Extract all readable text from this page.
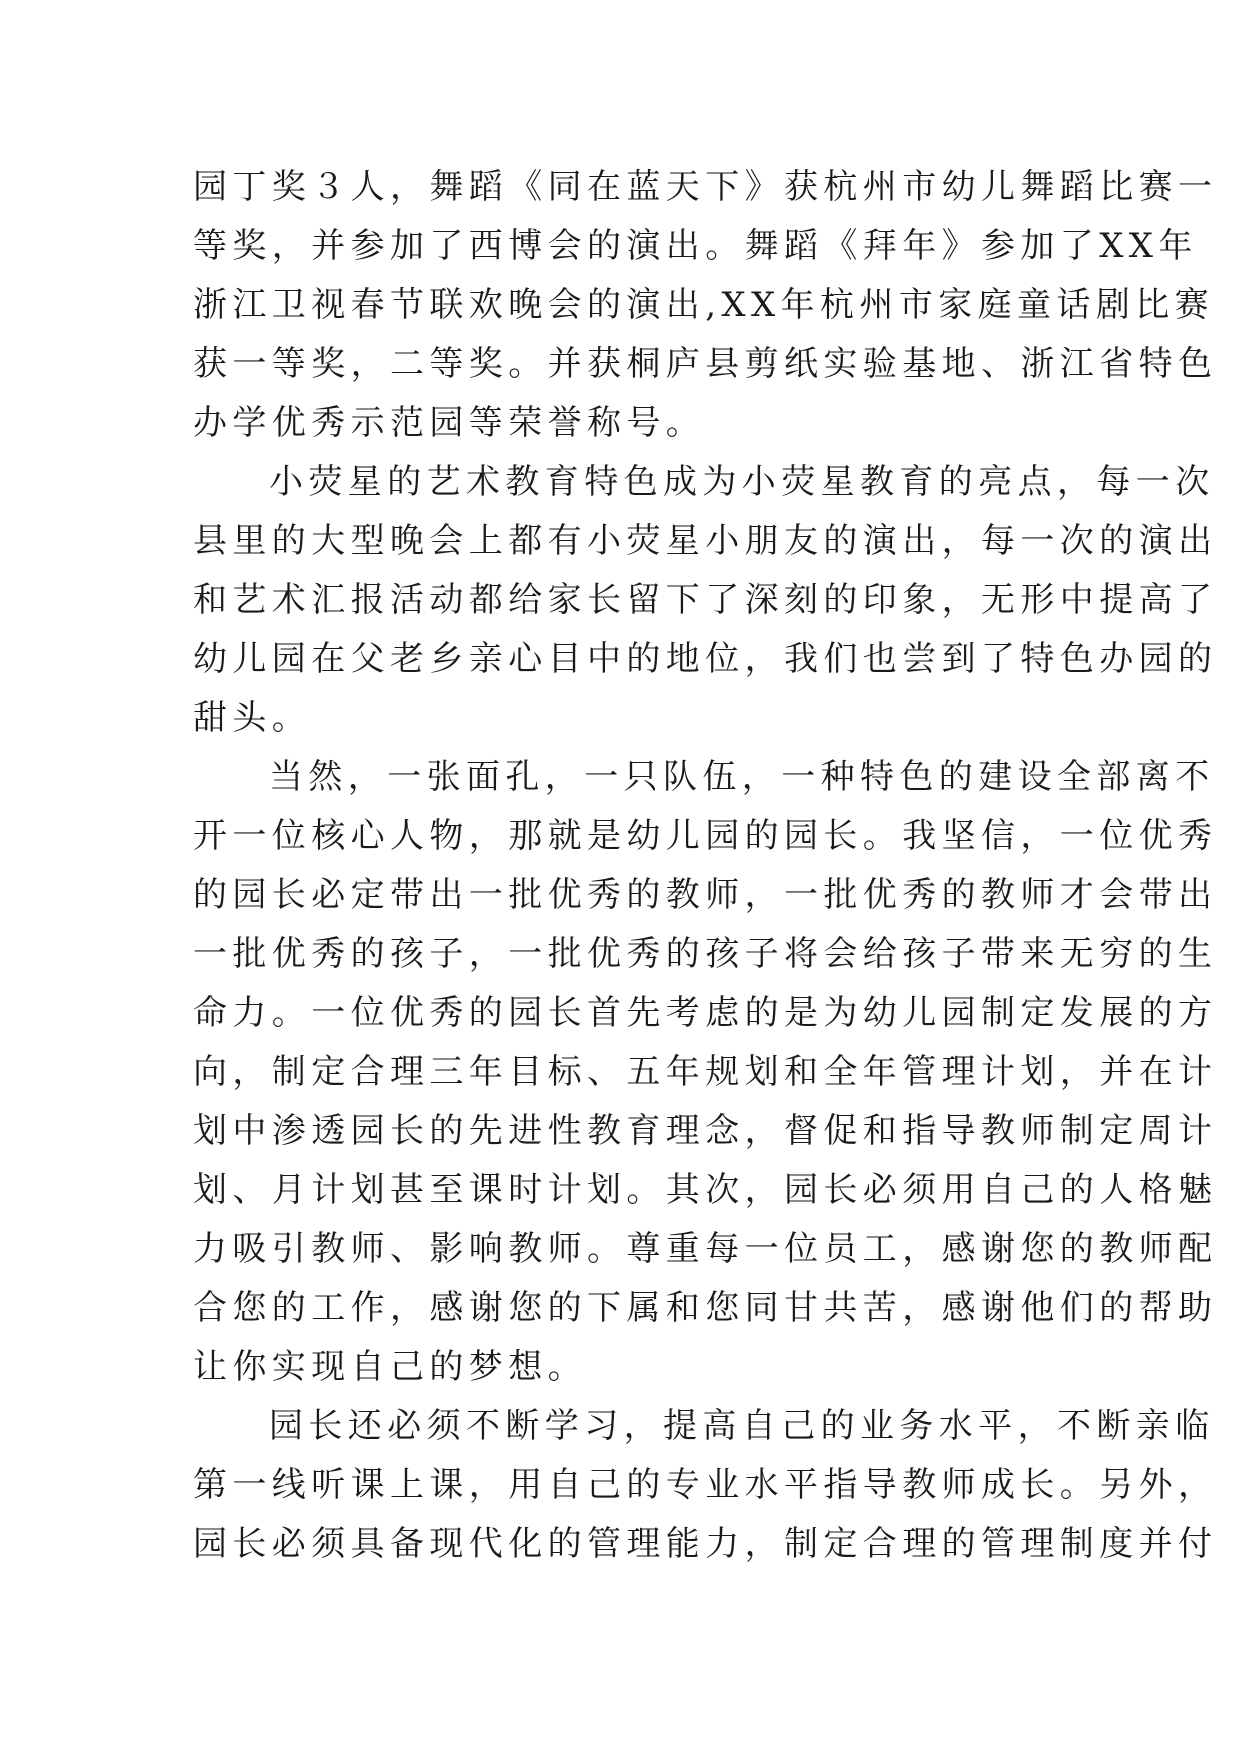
园丁奖３人，舞蹈《同在蓝天下》获杭州市幼儿舞蹈比赛一
等奖，并参加了西博会的演出。舞蹈《拜年》参加了XX年
浙江卫视春节联欢晚会的演出,XX年杭州市家庭童话剧比赛
获一等奖，二等奖。并获桐庐县剪纸实验基地、浙江省特色
办学优秀示范园等荣誉称号。
小荧星的艺术教育特色成为小荧星教育的亮点，每一次
县里的大型晚会上都有小荧星小朋友的演出，每一次的演出
和艺术汇报活动都给家长留下了深刻的印象，无形中提高了
幼儿园在父老乡亲心目中的地位，我们也尝到了特色办园的
甜头。
当然，一张面孔，一只队伍，一种特色的建设全部离不
开一位核心人物，那就是幼儿园的园长。我坚信，一位优秀
的园长必定带出一批优秀的教师，一批优秀的教师才会带出
一批优秀的孩子，一批优秀的孩子将会给孩子带来无穷的生
命力。一位优秀的园长首先考虑的是为幼儿园制定发展的方
向，制定合理三年目标、五年规划和全年管理计划，并在计
划中渗透园长的先进性教育理念，督促和指导教师制定周计
划、月计划甚至课时计划。其次，园长必须用自己的人格魅
力吸引教师、影响教师。尊重每一位员工，感谢您的教师配
合您的工作，感谢您的下属和您同甘共苦，感谢他们的帮助
让你实现自己的梦想。
园长还必须不断学习，提高自己的业务水平，不断亲临
第一线听课上课，用自己的专业水平指导教师成长。另外，
园长必须具备现代化的管理能力，制定合理的管理制度并付
